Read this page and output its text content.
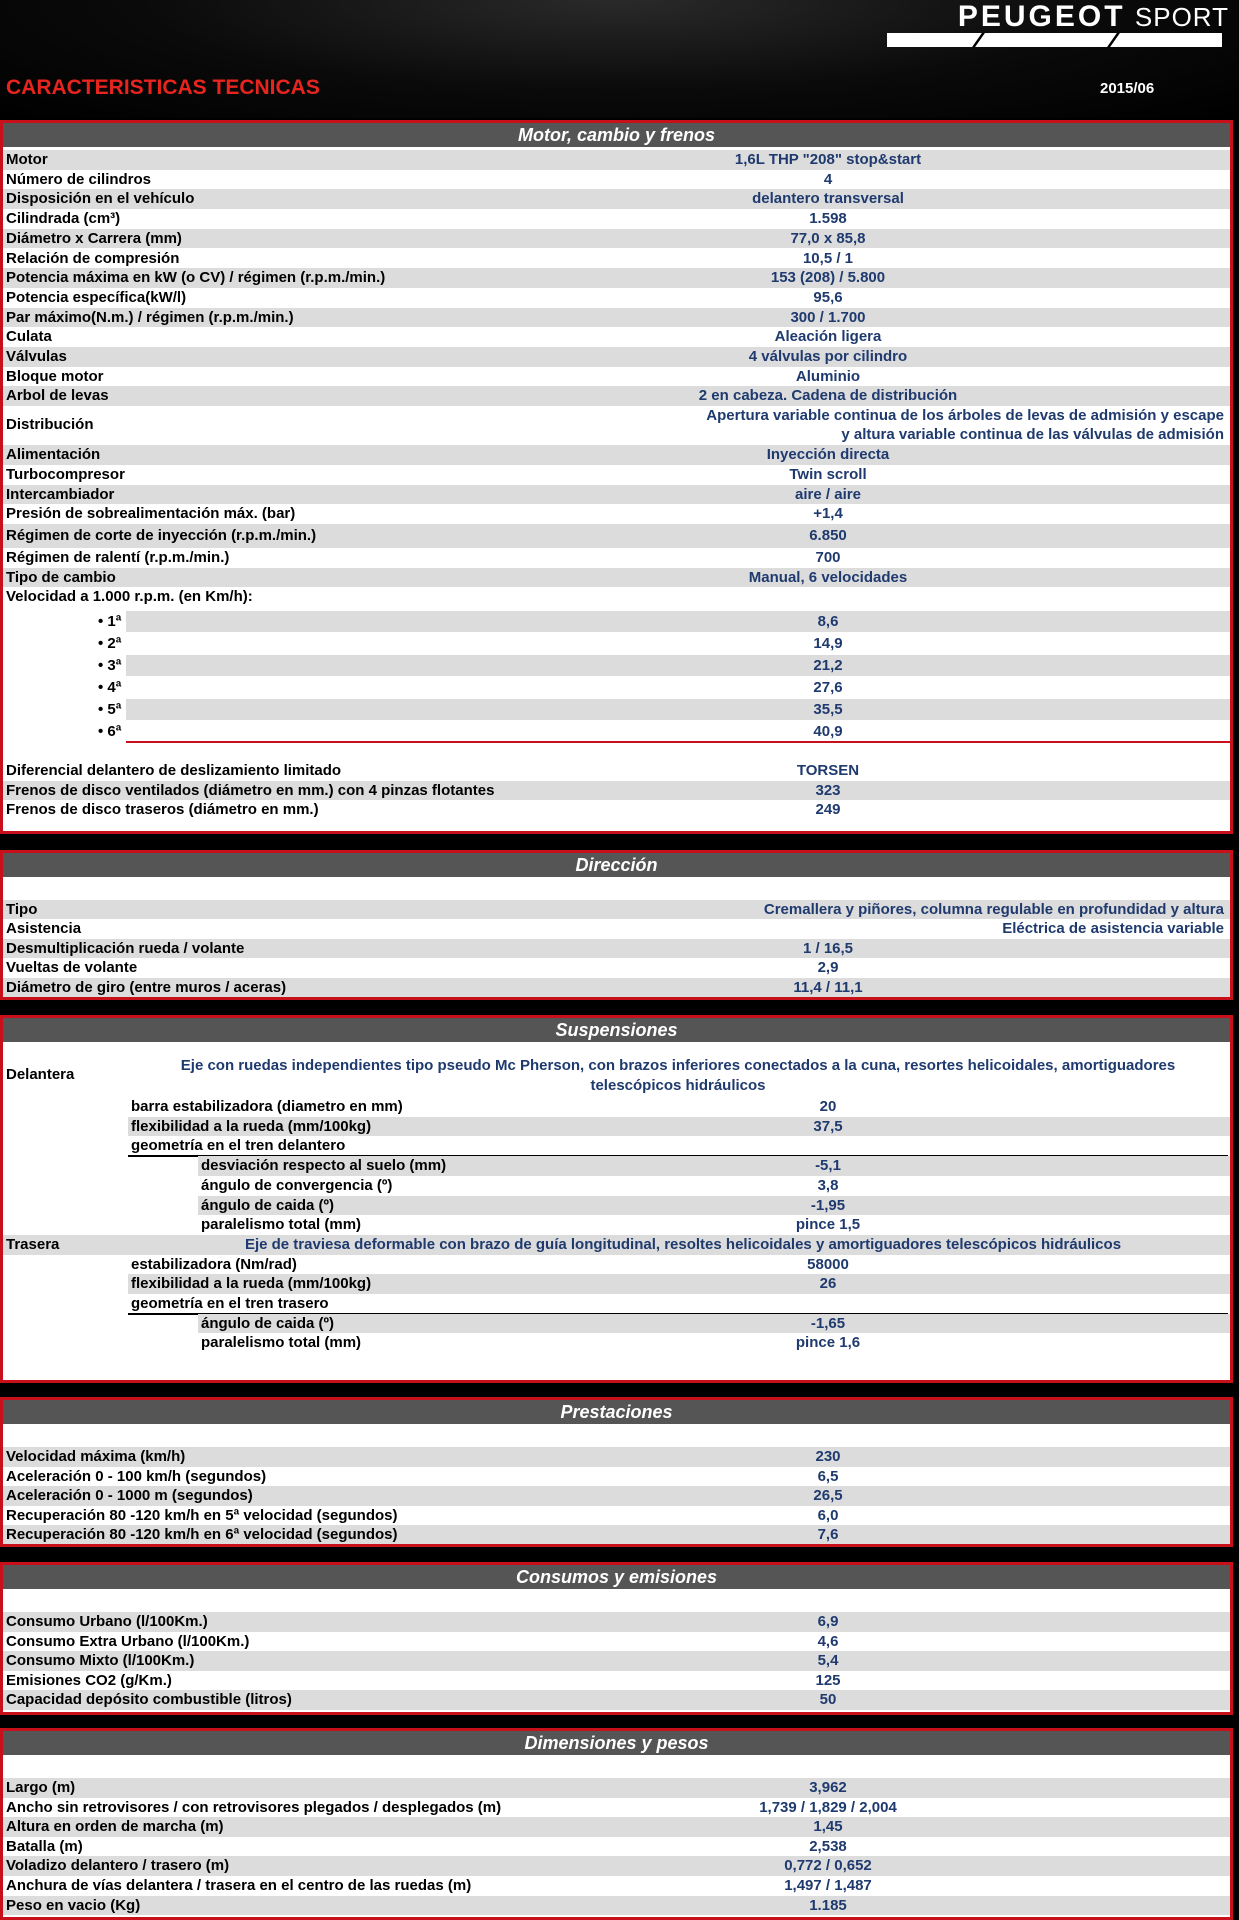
PEUGEOT SPORT
CARACTERISTICAS TECNICAS	2015/06
Motor, cambio y frenos
Motor	1,6L THP "208" stop&start
Número de cilindros	4
Disposición en el vehículo	delantero transversal
Cilindrada (cm³)	1.598
Diámetro x Carrera (mm)	77,0 x 85,8
Relación de compresión	10,5 / 1
Potencia máxima en kW (o CV) / régimen (r.p.m./min.)	153 (208) / 5.800
Potencia específica(kW/l)	95,6
Par máximo(N.m.) / régimen (r.p.m./min.)	300 / 1.700
Culata	Aleación ligera
Válvulas	4 válvulas por cilindro
Bloque motor	Aluminio
Arbol de levas	2 en cabeza. Cadena de distribución
Distribución
Apertura variable continua de los árboles de levas de admisión y escape
y altura variable continua de las válvulas de admisión
Alimentación	Inyección directa
Turbocompresor	Twin scroll
Intercambiador	aire / aire
Presión de sobrealimentación máx. (bar)	+1,4
Régimen de corte de inyección (r.p.m./min.)	6.850
Régimen de ralentí (r.p.m./min.)	700
Tipo de cambio	Manual, 6 velocidades
Velocidad a 1.000 r.p.m. (en Km/h):
• 1ª	8,6
• 2ª	14,9
• 3ª	21,2
• 4ª	27,6
• 5ª	35,5
• 6ª	40,9
Diferencial delantero de deslizamiento limitado	TORSEN
Frenos de disco ventilados (diámetro en mm.) con 4 pinzas flotantes	323
Frenos de disco traseros (diámetro en mm.)	249
Dirección
Tipo	Cremallera y piñores, columna regulable en profundidad y altura
Asistencia	Eléctrica de asistencia variable
Desmultiplicación rueda / volante	1 / 16,5
Vueltas de volante	2,9
Diámetro de giro (entre muros / aceras)	11,4 / 11,1
Suspensiones
Delantera
Eje con ruedas independientes tipo pseudo Mc Pherson, con brazos inferiores conectados a la cuna, resortes helicoidales, amortiguadores
telescópicos hidráulicos
barra estabilizadora (diametro en mm)	20
flexibilidad a la rueda (mm/100kg)	37,5
geometría en el tren delantero
desviación respecto al suelo (mm)	-5,1
ángulo de convergencia (º)	3,8
ángulo de caida (º)	-1,95
paralelismo total (mm)	pince 1,5
Trasera	Eje de traviesa deformable con brazo de guía longitudinal, resoltes helicoidales y amortiguadores telescópicos hidráulicos
estabilizadora (Nm/rad)	58000
flexibilidad a la rueda (mm/100kg)	26
geometría en el tren trasero
ángulo de caida (º)	-1,65
paralelismo total (mm)	pince 1,6
Prestaciones
Velocidad máxima (km/h)	230
Aceleración 0 - 100 km/h (segundos)	6,5
Aceleración 0 - 1000 m (segundos)	26,5
Recuperación 80 -120 km/h en 5ª velocidad (segundos)	6,0
Recuperación 80 -120 km/h en 6ª velocidad (segundos)	7,6
Consumos y emisiones
Consumo Urbano (l/100Km.)	6,9
Consumo Extra Urbano (l/100Km.)	4,6
Consumo Mixto (l/100Km.)	5,4
Emisiones CO2 (g/Km.)	125
Capacidad depósito combustible (litros)	50
Dimensiones y pesos
Largo (m)	3,962
Ancho sin retrovisores / con retrovisores plegados / desplegados (m)	1,739 / 1,829 / 2,004
Altura en orden de marcha (m)	1,45
Batalla (m)	2,538
Voladizo delantero / trasero (m)	0,772 / 0,652
Anchura de vías delantera / trasera en el centro de las ruedas (m)	1,497 / 1,487
Peso en vacio (Kg)	1.185
